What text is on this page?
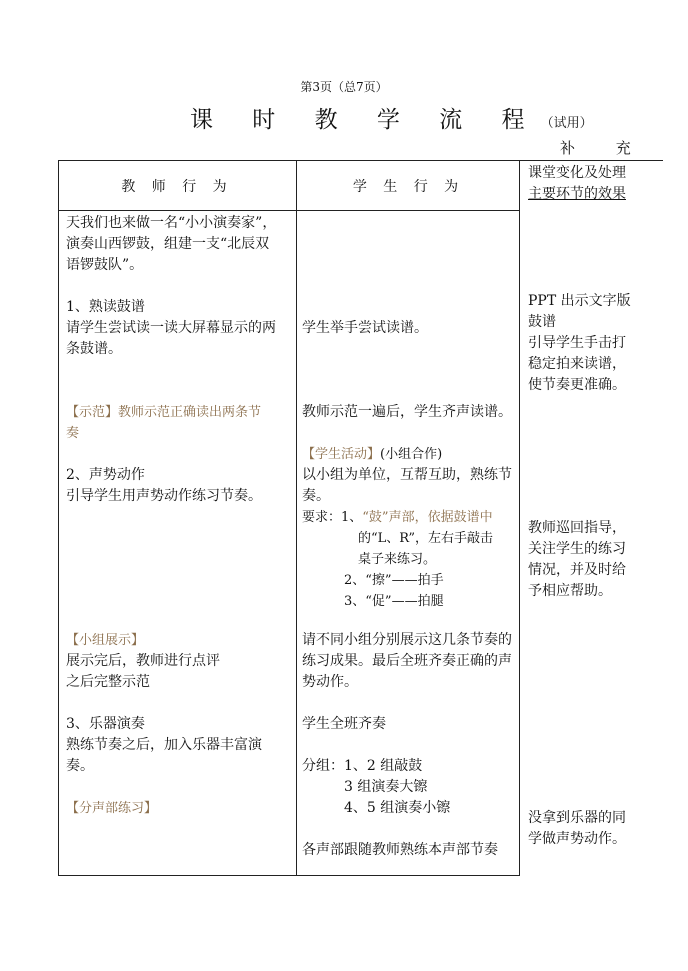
第3页（总7页）
课 时 教 学 流 程（试用）
补 充
教 师 行 为	学 生 行 为
课堂变化及处理
主要环节的效果
天我们也来做一名“小小演奏家”，
演奏山西锣鼓，组建一支“北辰双
语锣鼓队”。
1、熟读鼓谱
请学生尝试读一读大屏幕显示的两
条鼓谱。
【示范】教师示范正确读出两条节
奏
2、声势动作
引导学生用声势动作练习节奏。
【小组展示】
展示完后，教师进行点评
之后完整示范
3、乐器演奏
熟练节奏之后，加入乐器丰富演
奏。
【分声部练习】
学生举手尝试读谱。
教师示范一遍后，学生齐声读谱。
【学生活动】(小组合作)
以小组为单位，互帮互助，熟练节
奏。
要求：1、“鼓”声部，依据鼓谱中
的“L、R”，左右手敲击
桌子来练习。
2、“擦”——拍手
3、“促”——拍腿
请不同小组分别展示这几条节奏的
练习成果。最后全班齐奏正确的声
势动作。
学生全班齐奏
分组：1、2 组敲鼓
3 组演奏大镲
4、5 组演奏小镲
各声部跟随教师熟练本声部节奏
PPT 出示文字版
鼓谱
引导学生手击打
稳定拍来读谱，
使节奏更准确。
教师巡回指导，
关注学生的练习
情况，并及时给
予相应帮助。
没拿到乐器的同
学做声势动作。
